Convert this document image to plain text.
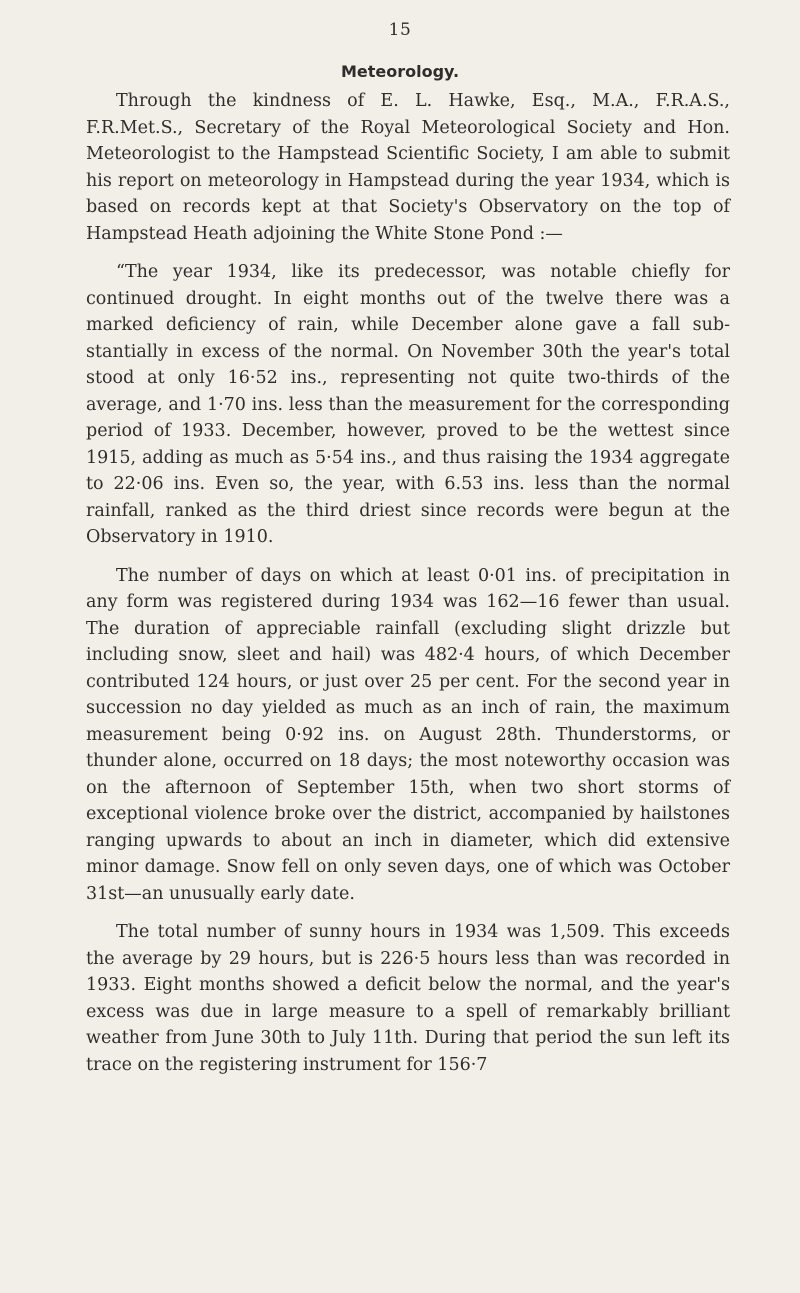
15
Meteorology.

Through the kindness of E. L. Hawke, Esq., M.A., F.R.A.S., F.R.Met.S., Secretary of the Royal Meteorological Society and Hon. Meteorologist to the Hampstead Scientific Society, I am able to submit his report on meteorology in Hampstead during the year 1934, which is based on records kept at that Society's Observatory on the top of Hampstead Heath adjoining the White Stone Pond :—

“The year 1934, like its predecessor, was notable chiefly for continued drought. In eight months out of the twelve there was a marked deficiency of rain, while December alone gave a fall substantially in excess of the normal. On November 30th the year's total stood at only 16·52 ins., representing not quite two-thirds of the average, and 1·70 ins. less than the measurement for the corresponding period of 1933. December, however, proved to be the wettest since 1915, adding as much as 5·54 ins., and thus raising the 1934 aggregate to 22·06 ins. Even so, the year, with 6.53 ins. less than the normal rainfall, ranked as the third driest since records were begun at the Observatory in 1910.

The number of days on which at least 0·01 ins. of precipitation in any form was registered during 1934 was 162—16 fewer than usual. The duration of appreciable rainfall (excluding slight drizzle but including snow, sleet and hail) was 482·4 hours, of which December contributed 124 hours, or just over 25 per cent. For the second year in succession no day yielded as much as an inch of rain, the maximum measurement being 0·92 ins. on August 28th. Thunderstorms, or thunder alone, occurred on 18 days; the most noteworthy occasion was on the afternoon of September 15th, when two short storms of exceptional violence broke over the district, accompanied by hailstones ranging upwards to about an inch in diameter, which did extensive minor damage. Snow fell on only seven days, one of which was October 31st—an unusually early date.

The total number of sunny hours in 1934 was 1,509. This exceeds the average by 29 hours, but is 226·5 hours less than was recorded in 1933. Eight months showed a deficit below the normal, and the year's excess was due in large measure to a spell of remarkably brilliant weather from June 30th to July 11th. During that period the sun left its trace on the registering instrument for 156·7
